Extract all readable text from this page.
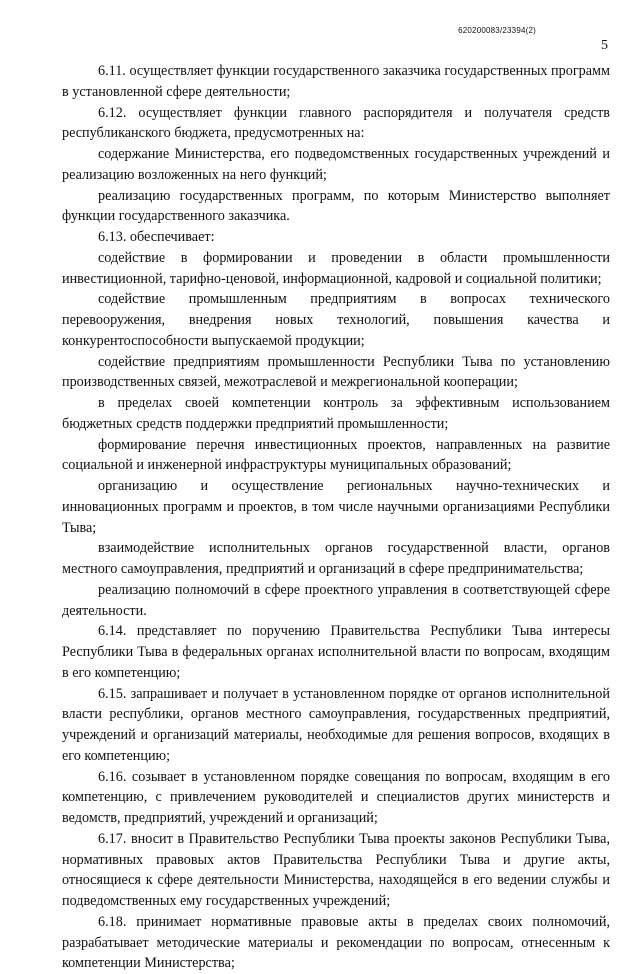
620200083/23394(2)
5

6.11. осуществляет функции государственного заказчика государственных программ в установленной сфере деятельности;

6.12. осуществляет функции главного распорядителя и получателя средств республиканского бюджета, предусмотренных на:

содержание Министерства, его подведомственных государственных учреждений и реализацию возложенных на него функций;

реализацию государственных программ, по которым Министерство выполняет функции государственного заказчика.

6.13. обеспечивает:

содействие в формировании и проведении в области промышленности инвестиционной, тарифно-ценовой, информационной, кадровой и социальной политики;

содействие промышленным предприятиям в вопросах технического перевооружения, внедрения новых технологий, повышения качества и конкурентоспособности выпускаемой продукции;

содействие предприятиям промышленности Республики Тыва по установлению производственных связей, межотраслевой и межрегиональной кооперации;

в пределах своей компетенции контроль за эффективным использованием бюджетных средств поддержки предприятий промышленности;

формирование перечня инвестиционных проектов, направленных на развитие социальной и инженерной инфраструктуры муниципальных образований;

организацию и осуществление региональных научно-технических и инновационных программ и проектов, в том числе научными организациями Республики Тыва;

взаимодействие исполнительных органов государственной власти, органов местного самоуправления, предприятий и организаций в сфере предпринимательства;

реализацию полномочий в сфере проектного управления в соответствующей сфере деятельности.

6.14. представляет по поручению Правительства Республики Тыва интересы Республики Тыва в федеральных органах исполнительной власти по вопросам, входящим в его компетенцию;

6.15. запрашивает и получает в установленном порядке от органов исполнительной власти республики, органов местного самоуправления, государственных предприятий, учреждений и организаций материалы, необходимые для решения вопросов, входящих в его компетенцию;

6.16. созывает в установленном порядке совещания по вопросам, входящим в его компетенцию, с привлечением руководителей и специалистов других министерств и ведомств, предприятий, учреждений и организаций;

6.17. вносит в Правительство Республики Тыва проекты законов Республики Тыва, нормативных правовых актов Правительства Республики Тыва и другие акты, относящиеся к сфере деятельности Министерства, находящейся в его ведении службы и подведомственных ему государственных учреждений;

6.18. принимает нормативные правовые акты в пределах своих полномочий, разрабатывает методические материалы и рекомендации по вопросам, отнесенным к компетенции Министерства;
